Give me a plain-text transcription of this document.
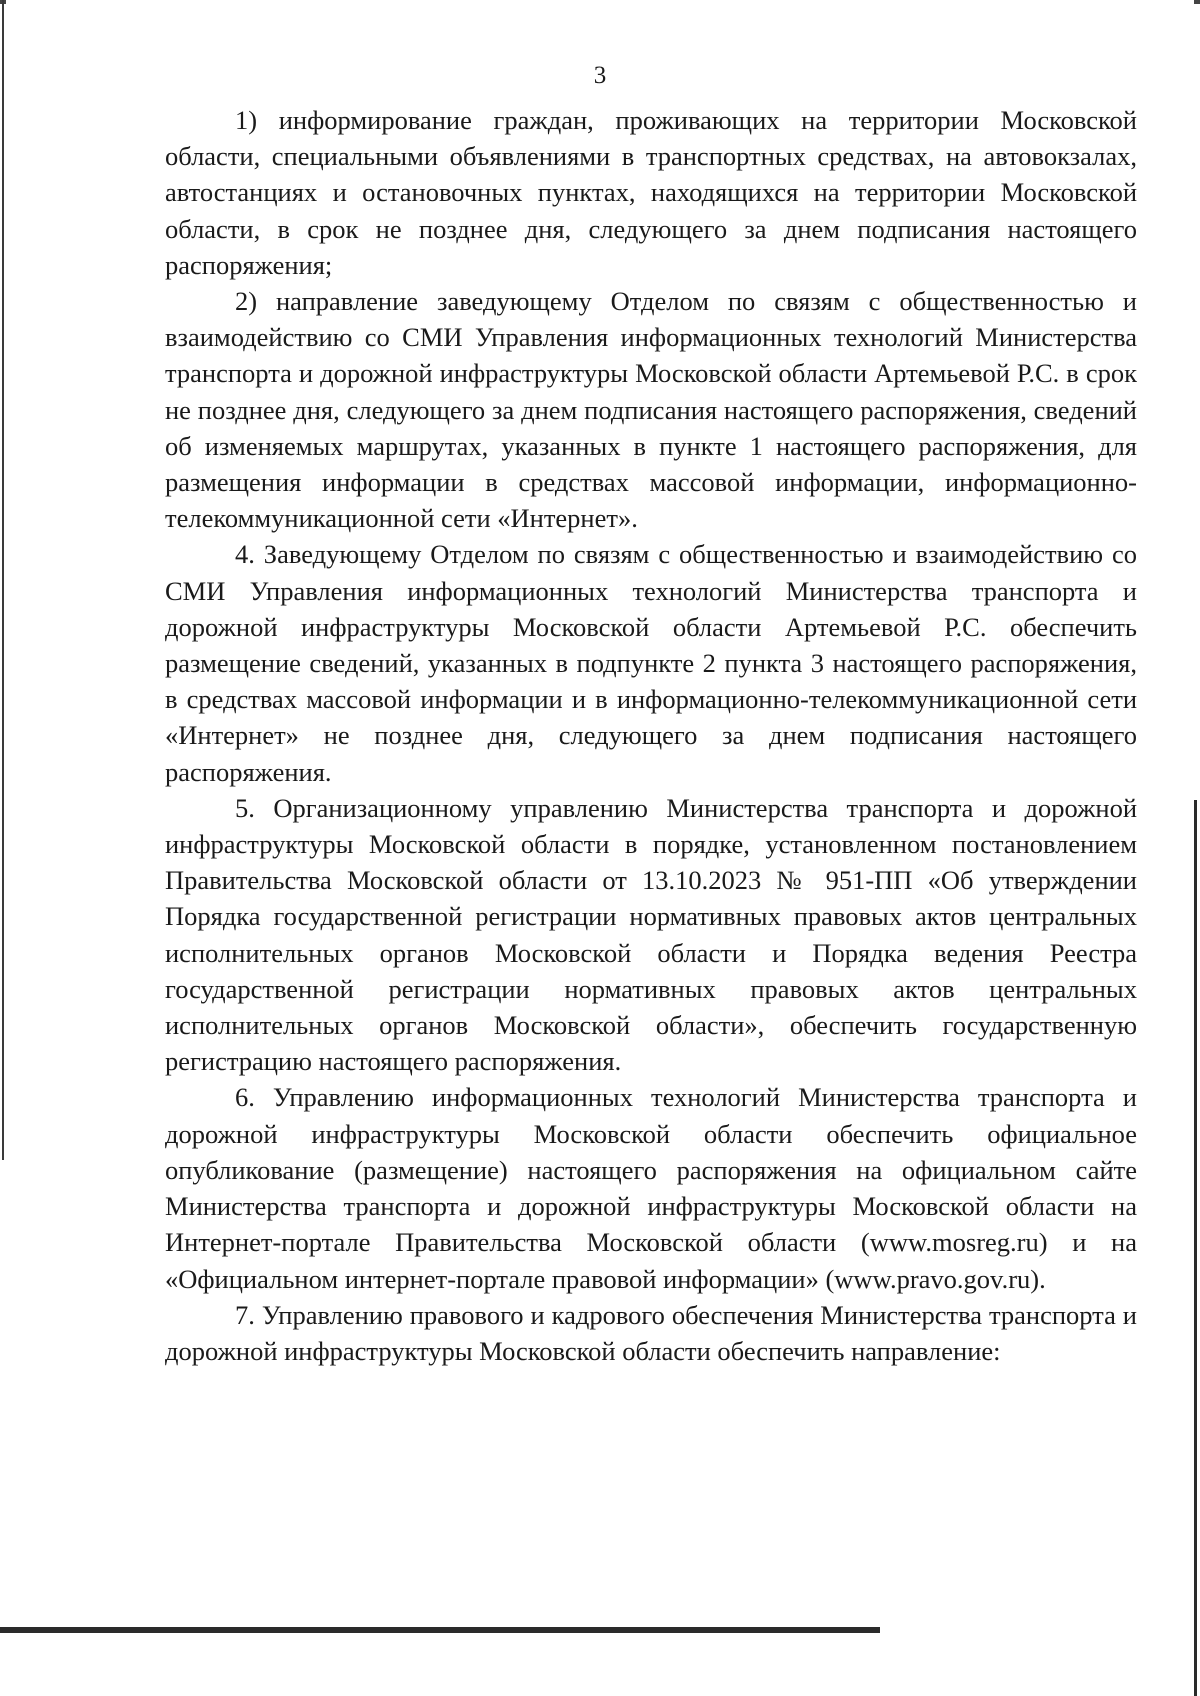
3

1) информирование граждан, проживающих на территории Московской области, специальными объявлениями в транспортных средствах, на автовокзалах, автостанциях и остановочных пунктах, находящихся на территории Московской области, в срок не позднее дня, следующего за днем подписания настоящего распоряжения;

2) направление заведующему Отделом по связям с общественностью и взаимодействию со СМИ Управления информационных технологий Министерства транспорта и дорожной инфраструктуры Московской области Артемьевой Р.С. в срок не позднее дня, следующего за днем подписания настоящего распоряжения, сведений об изменяемых маршрутах, указанных в пункте 1 настоящего распоряжения, для размещения информации в средствах массовой информации, информационно-телекоммуникационной сети «Интернет».

4. Заведующему Отделом по связям с общественностью и взаимодействию со СМИ Управления информационных технологий Министерства транспорта и дорожной инфраструктуры Московской области Артемьевой Р.С. обеспечить размещение сведений, указанных в подпункте 2 пункта 3 настоящего распоряжения, в средствах массовой информации и в информационно-телекоммуникационной сети «Интернет» не позднее дня, следующего за днем подписания настоящего распоряжения.

5. Организационному управлению Министерства транспорта и дорожной инфраструктуры Московской области в порядке, установленном постановлением Правительства Московской области от 13.10.2023 № 951-ПП «Об утверждении Порядка государственной регистрации нормативных правовых актов центральных исполнительных органов Московской области и Порядка ведения Реестра государственной регистрации нормативных правовых актов центральных исполнительных органов Московской области», обеспечить государственную регистрацию настоящего распоряжения.

6. Управлению информационных технологий Министерства транспорта и дорожной инфраструктуры Московской области обеспечить официальное опубликование (размещение) настоящего распоряжения на официальном сайте Министерства транспорта и дорожной инфраструктуры Московской области на Интернет-портале Правительства Московской области (www.mosreg.ru) и на «Официальном интернет-портале правовой информации» (www.pravo.gov.ru).

7. Управлению правового и кадрового обеспечения Министерства транспорта и дорожной инфраструктуры Московской области обеспечить направление:
